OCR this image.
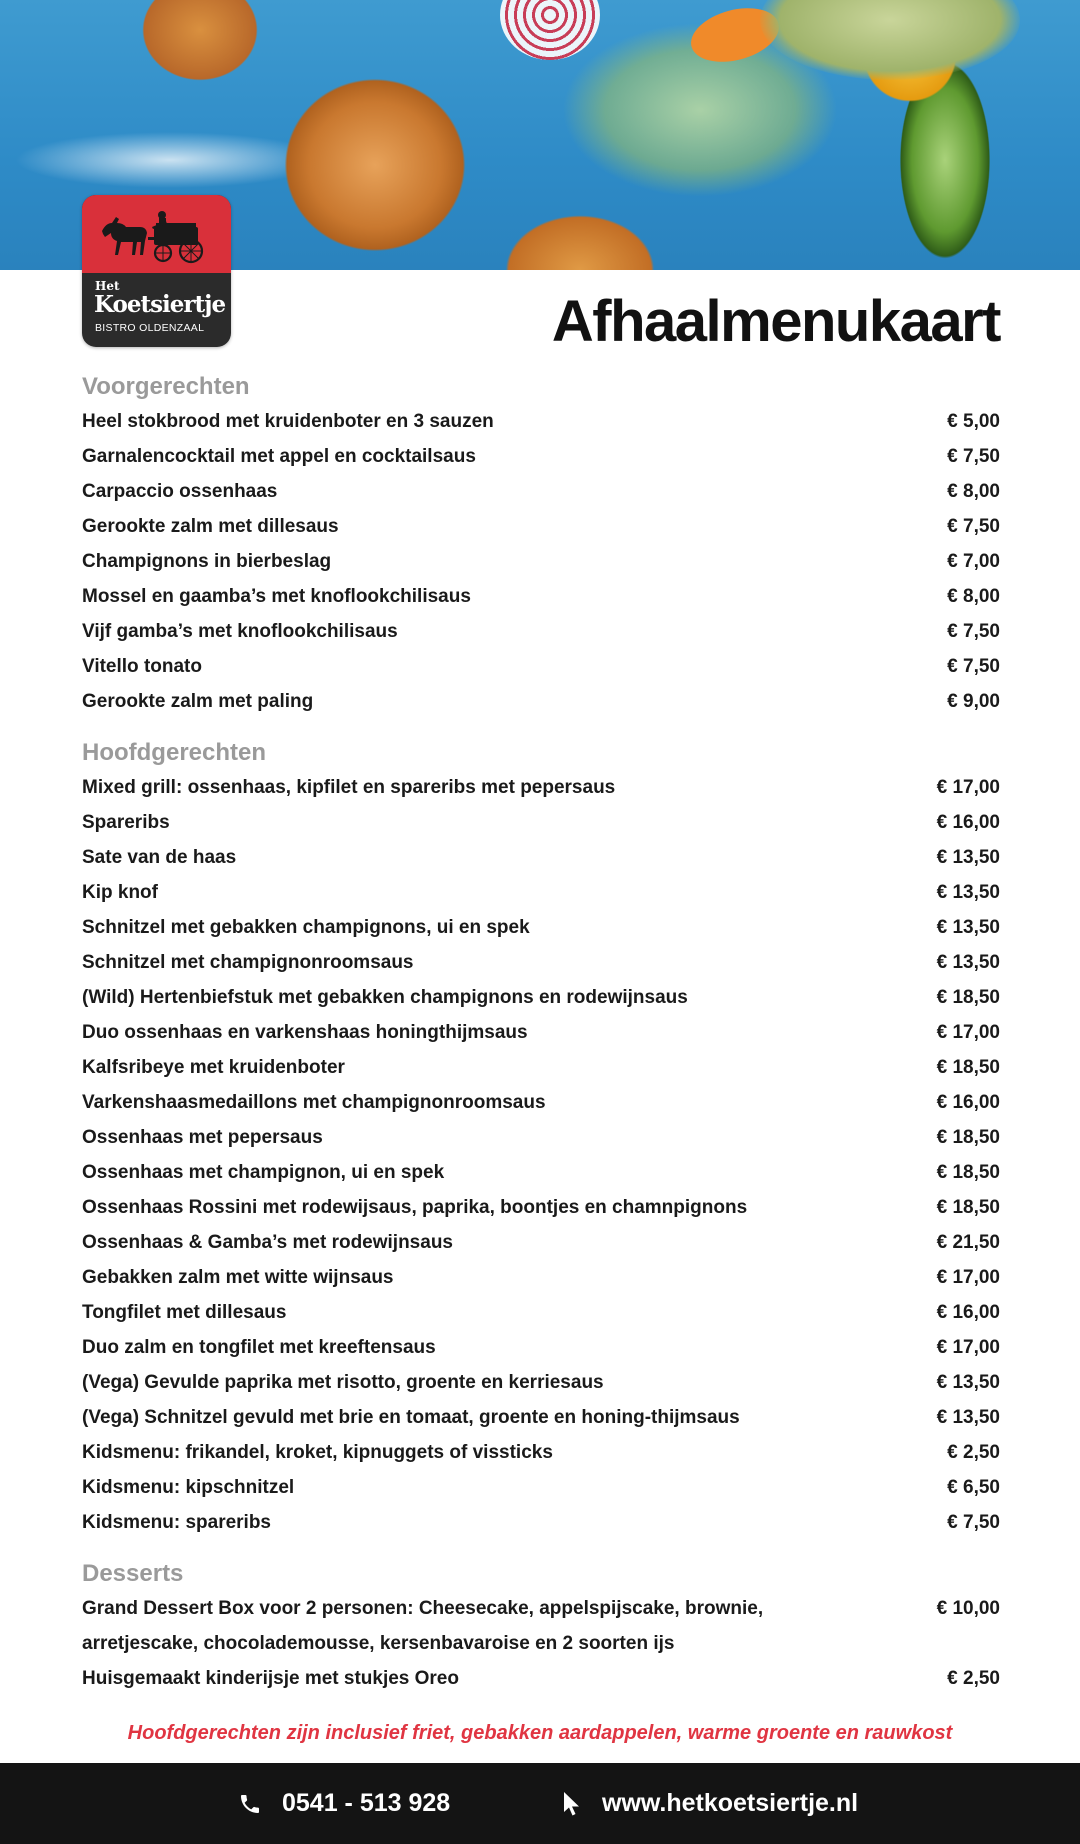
Het
Koetsiertje
BISTRO OLDENZAAL	Afhaalmenukaart
Voorgerechten
Heel stokbrood met kruidenboter en 3 sauzen	€ 5,00
Garnalencocktail met appel en cocktailsaus	€ 7,50
Carpaccio ossenhaas	€ 8,00
Gerookte zalm met dillesaus	€ 7,50
Champignons in bierbeslag	€ 7,00
Mossel en gaamba’s met knoflookchilisaus	€ 8,00
Vijf gamba’s met knoflookchilisaus	€ 7,50
Vitello tonato	€ 7,50
Gerookte zalm met paling	€ 9,00
Hoofdgerechten
Mixed grill: ossenhaas, kipfilet en spareribs met pepersaus	€ 17,00
Spareribs	€ 16,00
Sate van de haas	€ 13,50
Kip knof	€ 13,50
Schnitzel met gebakken champignons, ui en spek	€ 13,50
Schnitzel met champignonroomsaus	€ 13,50
(Wild) Hertenbiefstuk met gebakken champignons en rodewijnsaus	€ 18,50
Duo ossenhaas en varkenshaas honingthijmsaus	€ 17,00
Kalfsribeye met kruidenboter	€ 18,50
Varkenshaasmedaillons met champignonroomsaus	€ 16,00
Ossenhaas met pepersaus	€ 18,50
Ossenhaas met champignon, ui en spek	€ 18,50
Ossenhaas Rossini met rodewijsaus, paprika, boontjes en chamnpignons	€ 18,50
Ossenhaas & Gamba’s met rodewijnsaus	€ 21,50
Gebakken zalm met witte wijnsaus	€ 17,00
Tongfilet met dillesaus	€ 16,00
Duo zalm en tongfilet met kreeftensaus	€ 17,00
(Vega) Gevulde paprika met risotto, groente en kerriesaus	€ 13,50
(Vega) Schnitzel gevuld met brie en tomaat, groente en honing-thijmsaus	€ 13,50
Kidsmenu: frikandel, kroket, kipnuggets of vissticks	€ 2,50
Kidsmenu: kipschnitzel	€ 6,50
Kidsmenu: spareribs	€ 7,50
Desserts
Grand Dessert Box voor 2 personen: Cheesecake, appelspijscake, brownie, arretjescake, chocolademousse, kersenbavaroise en 2 soorten ijs
€ 10,00
Huisgemaakt kinderijsje met stukjes Oreo	€ 2,50
Hoofdgerechten zijn inclusief friet, gebakken aardappelen, warme groente en rauwkost
0541 - 513 928	www.hetkoetsiertje.nl
